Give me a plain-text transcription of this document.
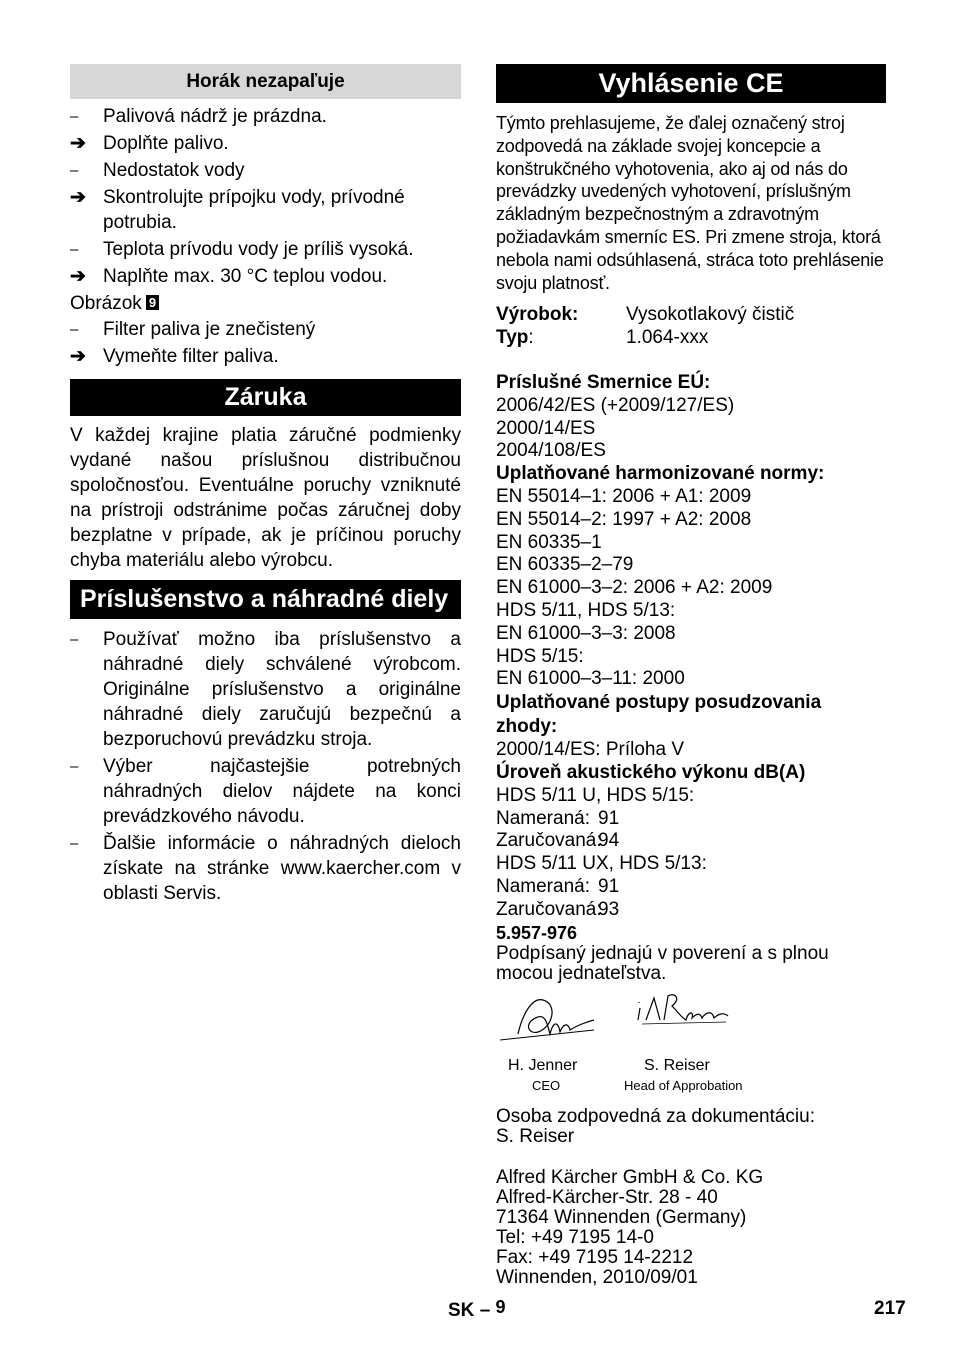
Horák nezapaľuje
–	Palivová nádrž je prázdna.
➔ Doplňte palivo.
–	Nedostatok vody
➔ Skontrolujte prípojku vody, prívodné potrubia.
–	Teplota prívodu vody je príliš vysoká.
➔ Naplňte max. 30 °C teplou vodou.
Obrázok 9
–	Filter paliva je znečistený
➔ Vymeňte filter paliva.
Záruka
V každej krajine platia záručné podmienky vydané našou príslušnou distribučnou spoločnosťou. Eventuálne poruchy vzniknuté na prístroji odstránime počas záručnej doby bezplatne v prípade, ak je príčinou poruchy chyba materiálu alebo výrobcu.
Príslušenstvo a náhradné diely
–	Používať možno iba príslušenstvo a náhradné diely schválené výrobcom. Originálne príslušenstvo a originálne náhradné diely zaručujú bezpečnú a bezporuchovú prevádzku stroja.
–	Výber najčastejšie potrebných náhradných dielov nájdete na konci prevádzkového návodu.
–	Ďalšie informácie o náhradných dieloch získate na stránke www.kaercher.com v oblasti Servis.
Vyhlásenie CE
Týmto prehlasujeme, že ďalej označený stroj zodpovedá na základe svojej koncepcie a konštrukčného vyhotovenia, ako aj od nás do prevádzky uvedených vyhotovení, príslušným základným bezpečnostným a zdravotným požiadavkám smerníc ES. Pri zmene stroja, ktorá nebola nami odsúhlasená, stráca toto prehlásenie svoju platnosť.
Výrobok:	Vysokotlakový čistič
Typ:	1.064-xxx
Príslušné Smernice EÚ:
2006/42/ES (+2009/127/ES)
2000/14/ES
2004/108/ES
Uplatňované harmonizované normy:
EN 55014–1: 2006 + A1: 2009
EN 55014–2: 1997 + A2: 2008
EN 60335–1
EN 60335–2–79
EN 61000–3–2: 2006 + A2: 2009
HDS 5/11, HDS 5/13:
EN 61000–3–3: 2008
HDS 5/15:
EN 61000–3–11: 2000
Uplatňované postupy posudzovania zhody:
2000/14/ES: Príloha V
Úroveň akustického výkonu dB(A)
HDS 5/11 U, HDS 5/15:
Nameraná: 91
Zaručovaná:94
HDS 5/11 UX, HDS 5/13:
Nameraná: 91
Zaručovaná:93
5.957-976
Podpísaný jednajú v poverení a s plnou mocou jednateľstva.
H. Jenner
CEO
S. Reiser
Head of Approbation
Osoba zodpovedná za dokumentáciu:
S. Reiser
Alfred Kärcher GmbH & Co. KG
Alfred-Kärcher-Str. 28 - 40
71364 Winnenden (Germany)
Tel: +49 7195 14-0
Fax: +49 7195 14-2212
Winnenden, 2010/09/01
SK – 9	217
